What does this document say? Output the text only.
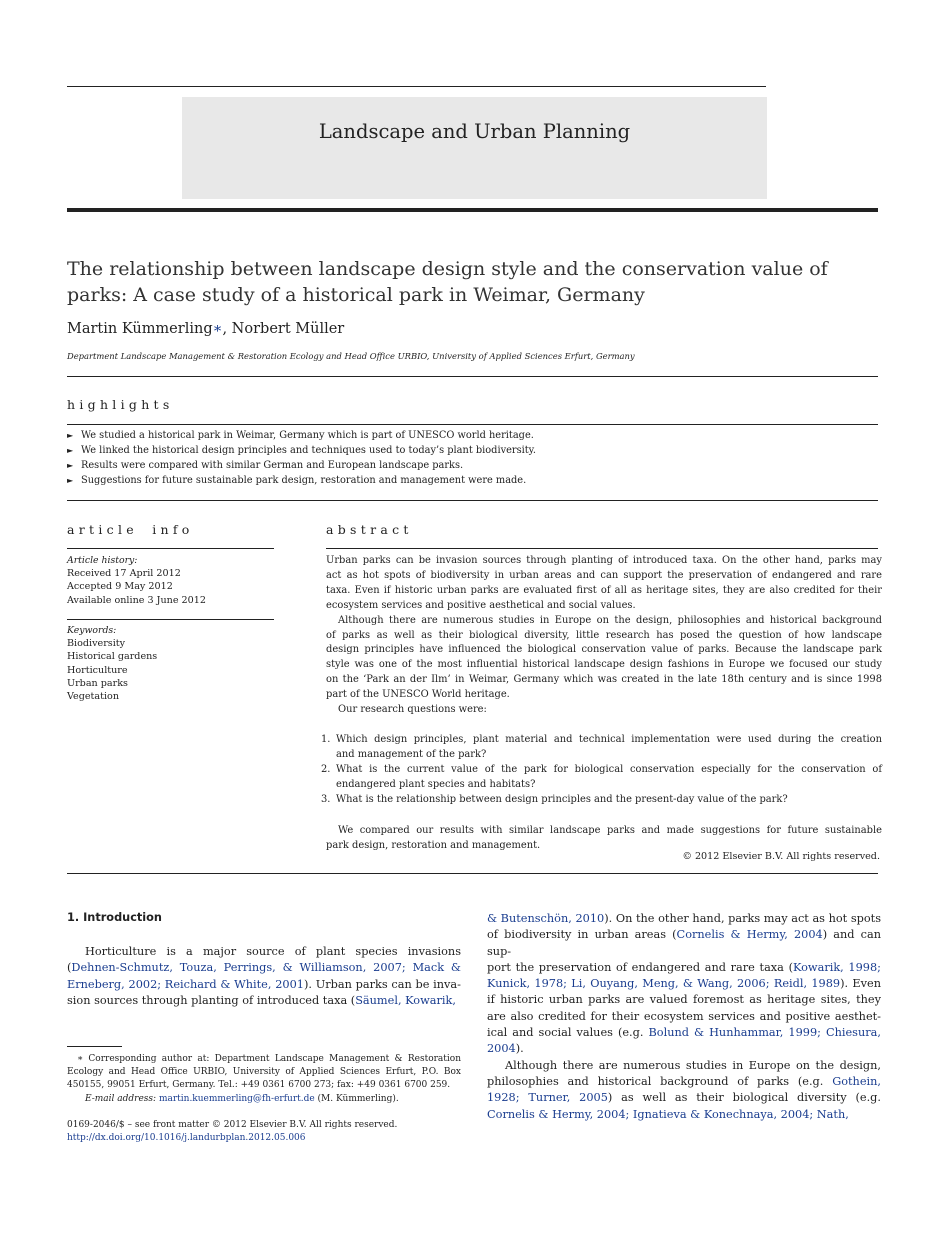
Landscape and Urban Planning
The relationship between landscape design style and the conservation value of
parks: A case study of a historical park in Weimar, Germany
Martin Kümmerling∗, Norbert Müller
Department Landscape Management & Restoration Ecology and Head Office URBIO, University of Applied Sciences Erfurt, Germany
highlights
► We studied a historical park in Weimar, Germany which is part of UNESCO world heritage.
► We linked the historical design principles and techniques used to today’s plant biodiversity.
► Results were compared with similar German and European landscape parks.
► Suggestions for future sustainable park design, restoration and management were made.
article info
Article history:
Received 17 April 2012
Accepted 9 May 2012
Available online 3 June 2012
Keywords:
Biodiversity
Historical gardens
Horticulture
Urban parks
Vegetation
abstract
Urban parks can be invasion sources through planting of introduced taxa. On the other hand, parks may
act as hot spots of biodiversity in urban areas and can support the preservation of endangered and rare
taxa. Even if historic urban parks are evaluated first of all as heritage sites, they are also credited for their
ecosystem services and positive aesthetical and social values.
Although there are numerous studies in Europe on the design, philosophies and historical background
of parks as well as their biological diversity, little research has posed the question of how landscape
design principles have influenced the biological conservation value of parks. Because the landscape park
style was one of the most influential historical landscape design fashions in Europe we focused our study
on the ‘Park an der Ilm’ in Weimar, Germany which was created in the late 18th century and is since 1998
part of the UNESCO World heritage.
Our research questions were:
1. Which design principles, plant material and technical implementation were used during the creation
and management of the park?
2. What is the current value of the park for biological conservation especially for the conservation of
endangered plant species and habitats?
3. What is the relationship between design principles and the present-day value of the park?
We compared our results with similar landscape parks and made suggestions for future sustainable
park design, restoration and management.
© 2012 Elsevier B.V. All rights reserved.
1. Introduction
Horticulture is a major source of plant species invasions
(Dehnen-Schmutz, Touza, Perrings, & Williamson, 2007; Mack &
Erneberg, 2002; Reichard & White, 2001). Urban parks can be inva-
sion sources through planting of introduced taxa (Säumel, Kowarik,
& Butenschön, 2010). On the other hand, parks may act as hot spots
of biodiversity in urban areas (Cornelis & Hermy, 2004) and can sup-
port the preservation of endangered and rare taxa (Kowarik, 1998;
Kunick, 1978; Li, Ouyang, Meng, & Wang, 2006; Reidl, 1989). Even
if historic urban parks are valued foremost as heritage sites, they
are also credited for their ecosystem services and positive aesthet-
ical and social values (e.g. Bolund & Hunhammar, 1999; Chiesura,
2004).
Although there are numerous studies in Europe on the design,
philosophies and historical background of parks (e.g. Gothein,
1928; Turner, 2005) as well as their biological diversity (e.g.
Cornelis & Hermy, 2004; Ignatieva & Konechnaya, 2004; Nath,
∗ Corresponding author at: Department Landscape Management & Restoration
Ecology and Head Office URBIO, University of Applied Sciences Erfurt, P.O. Box
450155, 99051 Erfurt, Germany. Tel.: +49 0361 6700 273; fax: +49 0361 6700 259.
E-mail address: martin.kuemmerling@fh-erfurt.de (M. Kümmerling).
0169-2046/$ – see front matter © 2012 Elsevier B.V. All rights reserved.
http://dx.doi.org/10.1016/j.landurbplan.2012.05.006
